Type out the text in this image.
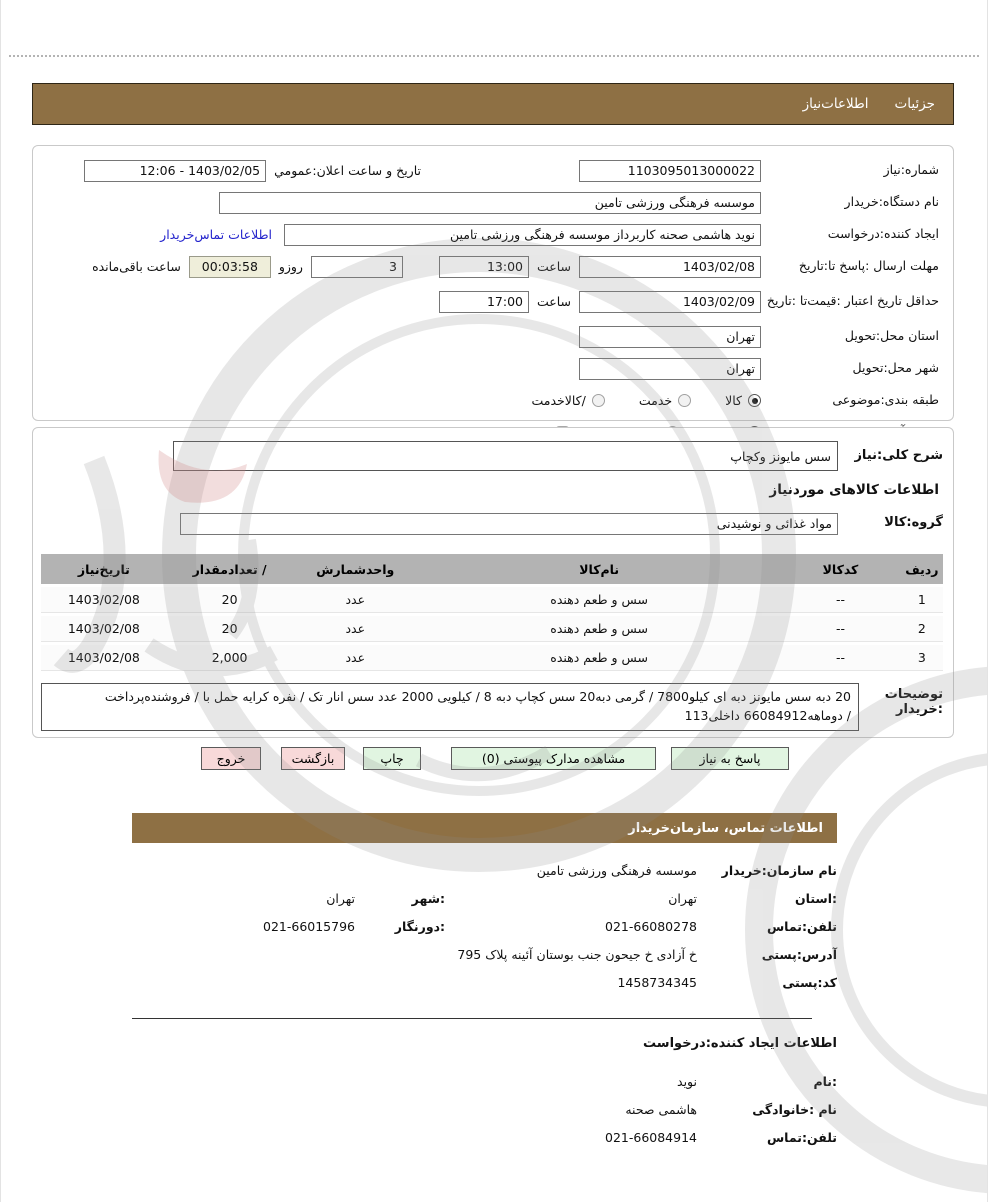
جزئیات
اطلاعات‌نیاز
شماره:نیاز
1103095013000022
تاریخ و ساعت اعلان:عمومي
1403/02/05 - 12:06
نام دستگاه:خریدار
موسسه فرهنگی ورزشی تامین
ایجاد کننده:درخواست
نوید هاشمی صحنه کاربرداز موسسه فرهنگی ورزشی تامین
اطلاعات تماس‌خریدار
مهلت ارسال :پاسخ تا:تاریخ
1403/02/08
ساعت
13:00
3
روزو
00:03:58
ساعت باقی‌مانده
حداقل تاریخ اعتبار :قیمت‌تا :تاریخ
1403/02/09
ساعت
17:00
استان محل:تحویل
تهران
شهر محل:تحویل
تهران
طبقه بندی:موضوعی
کالا
خدمت
/کالاخدمت
شرح کلی:نیاز
سس مایونز وکچاپ
اطلاعات کالاهای موردنیاز
گروه:کالا
مواد غذائی و نوشیدنی
ردیف	کدکالا	نام‌کالا	واحدشمارش	/ تعدادمقدار	تاریخ‌نیاز
1	--	سس و طعم دهنده	عدد	20	1403/02/08
2	--	سس و طعم دهنده	عدد	20	1403/02/08
3	--	سس و طعم دهنده	عدد	2,000	1403/02/08
توضیحات
:خریدار
20 دبه سس مایونز دبه ای کیلو7800 / گرمی دبه20 سس کچاپ دبه 8 / کیلویی 2000 عدد سس انار تک / نفره کرایه حمل با / فروشنده‌پرداخت
/ دوماهه66084912 داخلی113
پاسخ به نیاز
مشاهده مدارک پیوستی (0)
چاپ
بازگشت
خروج
اطلاعات تماس، سازمان‌خریدار
نام سازمان:خریدار
موسسه فرهنگی ورزشی تامین
:استان
تهران
:شهر
تهران
تلفن:تماس
021-66080278
:دورنگار
021-66015796
آدرس:پستی
خ آزادی خ جیحون جنب بوستان آئینه پلاک 795
کد:پستی
1458734345
اطلاعات ایجاد کننده:درخواست
:نام
نوید
نام :خانوادگی
هاشمی صحنه
تلفن:تماس
021-66084914
